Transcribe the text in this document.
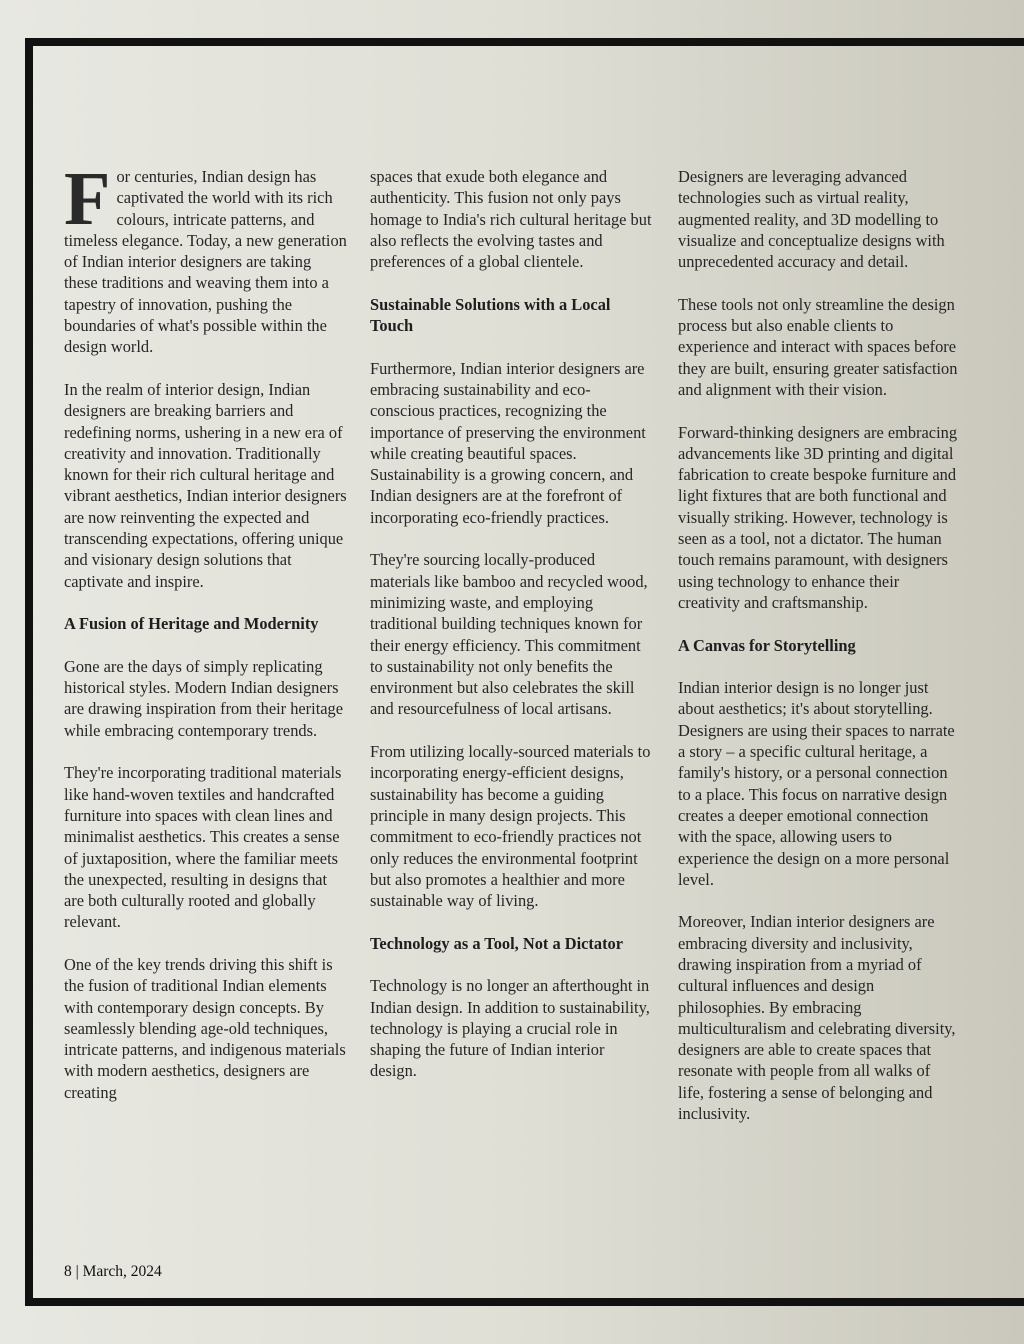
For centuries, Indian design has captivated the world with its rich colours, intricate patterns, and timeless elegance. Today, a new generation of Indian interior designers are taking these traditions and weaving them into a tapestry of innovation, pushing the boundaries of what's possible within the design world.

In the realm of interior design, Indian designers are breaking barriers and redefining norms, ushering in a new era of creativity and innovation. Traditionally known for their rich cultural heritage and vibrant aesthetics, Indian interior designers are now reinventing the expected and transcending expectations, offering unique and visionary design solutions that captivate and inspire.

A Fusion of Heritage and Modernity

Gone are the days of simply replicating historical styles. Modern Indian designers are drawing inspiration from their heritage while embracing contemporary trends.

They're incorporating traditional materials like hand-woven textiles and handcrafted furniture into spaces with clean lines and minimalist aesthetics. This creates a sense of juxtaposition, where the familiar meets the unexpected, resulting in designs that are both culturally rooted and globally relevant.

One of the key trends driving this shift is the fusion of traditional Indian elements with contemporary design concepts. By seamlessly blending age-old techniques, intricate patterns, and indigenous materials with modern aesthetics, designers are creating

spaces that exude both elegance and authenticity. This fusion not only pays homage to India's rich cultural heritage but also reflects the evolving tastes and preferences of a global clientele.

Sustainable Solutions with a Local Touch

Furthermore, Indian interior designers are embracing sustainability and eco-conscious practices, recognizing the importance of preserving the environment while creating beautiful spaces. Sustainability is a growing concern, and Indian designers are at the forefront of incorporating eco-friendly practices.

They're sourcing locally-produced materials like bamboo and recycled wood, minimizing waste, and employing traditional building techniques known for their energy efficiency. This commitment to sustainability not only benefits the environment but also celebrates the skill and resourcefulness of local artisans.

From utilizing locally-sourced materials to incorporating energy-efficient designs, sustainability has become a guiding principle in many design projects. This commitment to eco-friendly practices not only reduces the environmental footprint but also promotes a healthier and more sustainable way of living.

Technology as a Tool, Not a Dictator

Technology is no longer an afterthought in Indian design. In addition to sustainability, technology is playing a crucial role in shaping the future of Indian interior design.

Designers are leveraging advanced technologies such as virtual reality, augmented reality, and 3D modelling to visualize and conceptualize designs with unprecedented accuracy and detail.

These tools not only streamline the design process but also enable clients to experience and interact with spaces before they are built, ensuring greater satisfaction and alignment with their vision.

Forward-thinking designers are embracing advancements like 3D printing and digital fabrication to create bespoke furniture and light fixtures that are both functional and visually striking. However, technology is seen as a tool, not a dictator. The human touch remains paramount, with designers using technology to enhance their creativity and craftsmanship.

A Canvas for Storytelling

Indian interior design is no longer just about aesthetics; it's about storytelling. Designers are using their spaces to narrate a story – a specific cultural heritage, a family's history, or a personal connection to a place. This focus on narrative design creates a deeper emotional connection with the space, allowing users to experience the design on a more personal level.

Moreover, Indian interior designers are embracing diversity and inclusivity, drawing inspiration from a myriad of cultural influences and design philosophies. By embracing multiculturalism and celebrating diversity, designers are able to create spaces that resonate with people from all walks of life, fostering a sense of belonging and inclusivity.

8 | March, 2024
